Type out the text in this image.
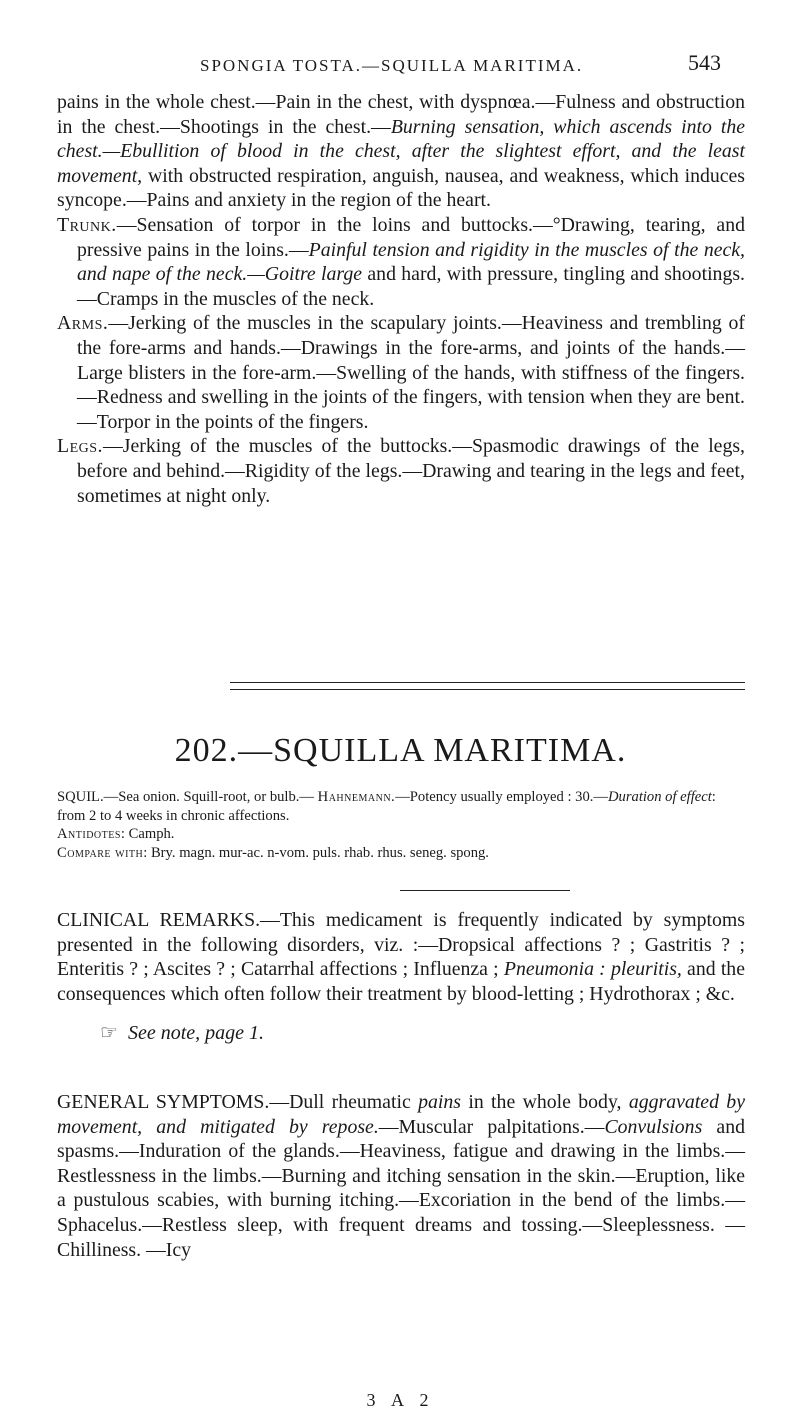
SPONGIA TOSTA.—SQUILLA MARITIMA.	543

pains in the whole chest.—Pain in the chest, with dyspnœa.—Fulness and obstruction in the chest.—Shootings in the chest.—Burning sensation, which ascends into the chest.—Ebullition of blood in the chest, after the slightest effort, and the least movement, with obstructed respiration, anguish, nausea, and weakness, which induces syncope.—Pains and anxiety in the region of the heart.

Trunk.—Sensation of torpor in the loins and buttocks.—°Drawing, tearing, and pressive pains in the loins.—Painful tension and rigidity in the muscles of the neck, and nape of the neck.—Goitre large and hard, with pressure, tingling and shootings.—Cramps in the muscles of the neck.

Arms.—Jerking of the muscles in the scapulary joints.—Heaviness and trembling of the fore-arms and hands.—Drawings in the fore-arms, and joints of the hands.—Large blisters in the fore-arm.—Swelling of the hands, with stiffness of the fingers.—Redness and swelling in the joints of the fingers, with tension when they are bent.—Torpor in the points of the fingers.

Legs.—Jerking of the muscles of the buttocks.—Spasmodic drawings of the legs, before and behind.—Rigidity of the legs.—Drawing and tearing in the legs and feet, sometimes at night only.

202.—SQUILLA MARITIMA.

SQUIL.—Sea onion. Squill-root, or bulb.— Hahnemann.—Potency usually employed : 30.—Duration of effect: from 2 to 4 weeks in chronic affections.

Antidotes: Camph.

Compare with: Bry. magn. mur-ac. n-vom. puls. rhab. rhus. seneg. spong.

CLINICAL REMARKS.—This medicament is frequently indicated by symptoms presented in the following disorders, viz. :—Dropsical affections ? ; Gastritis ? ; Enteritis ? ; Ascites ? ; Catarrhal affections ; Influenza ; Pneumonia : pleuritis, and the consequences which often follow their treatment by blood-letting ; Hydrothorax ; &c.

☞ See note, page 1.

GENERAL SYMPTOMS.—Dull rheumatic pains in the whole body, aggravated by movement, and mitigated by repose.—Muscular palpitations.—Convulsions and spasms.—Induration of the glands.—Heaviness, fatigue and drawing in the limbs.—Restlessness in the limbs.—Burning and itching sensation in the skin.—Eruption, like a pustulous scabies, with burning itching.—Excoriation in the bend of the limbs.—Sphacelus.—Restless sleep, with frequent dreams and tossing.—Sleeplessness. — Chilliness. —Icy

3 A 2
